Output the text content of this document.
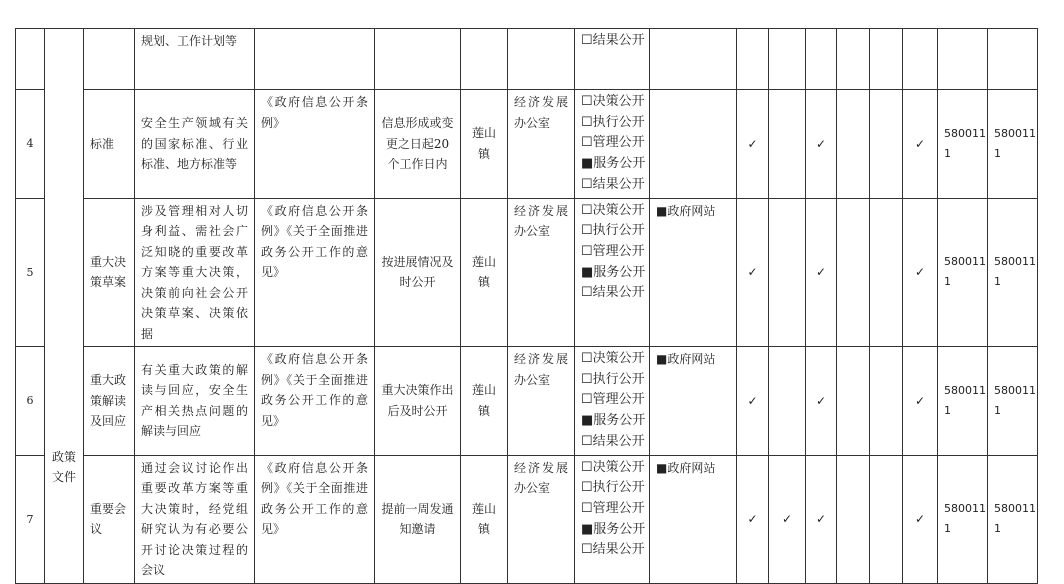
	政策文件		规划、工作计划等					☐结果公开									

4		标准	安全生产领域有关的国家标准、行业标准、地方标准等	《政府信息公开条例》	信息形成或变更之日起20个工作日内	莲山镇	经济发展办公室	☐决策公开
☐执行公开
☐管理公开
■服务公开
☐结果公开		✓		✓			✓	5800111	5800111
5		重大决策草案	涉及管理相对人切身利益、需社会广泛知晓的重要改革方案等重大决策，决策前向社会公开决策草案、决策依据	《政府信息公开条例》《关于全面推进政务公开工作的意见》	按进展情况及时公开	莲山镇	经济发展办公室	☐决策公开
☐执行公开
☐管理公开
■服务公开
☐结果公开	■政府网站	✓		✓			✓	5800111	5800111
6		重大政策解读及回应	有关重大政策的解读与回应，安全生产相关热点问题的解读与回应	《政府信息公开条例》《关于全面推进政务公开工作的意见》	重大决策作出后及时公开	莲山镇	经济发展办公室	☐决策公开
☐执行公开
☐管理公开
■服务公开
☐结果公开	■政府网站	✓		✓			✓	5800111	5800111
7		重要会议	通过会议讨论作出重要改革方案等重大决策时，经党组研究认为有必要公开讨论决策过程的会议	《政府信息公开条例》《关于全面推进政务公开工作的意见》	提前一周发通知邀请	莲山镇	经济发展办公室	☐决策公开
☐执行公开
☐管理公开
■服务公开
☐结果公开	■政府网站	✓	✓	✓			✓	5800111	5800111
